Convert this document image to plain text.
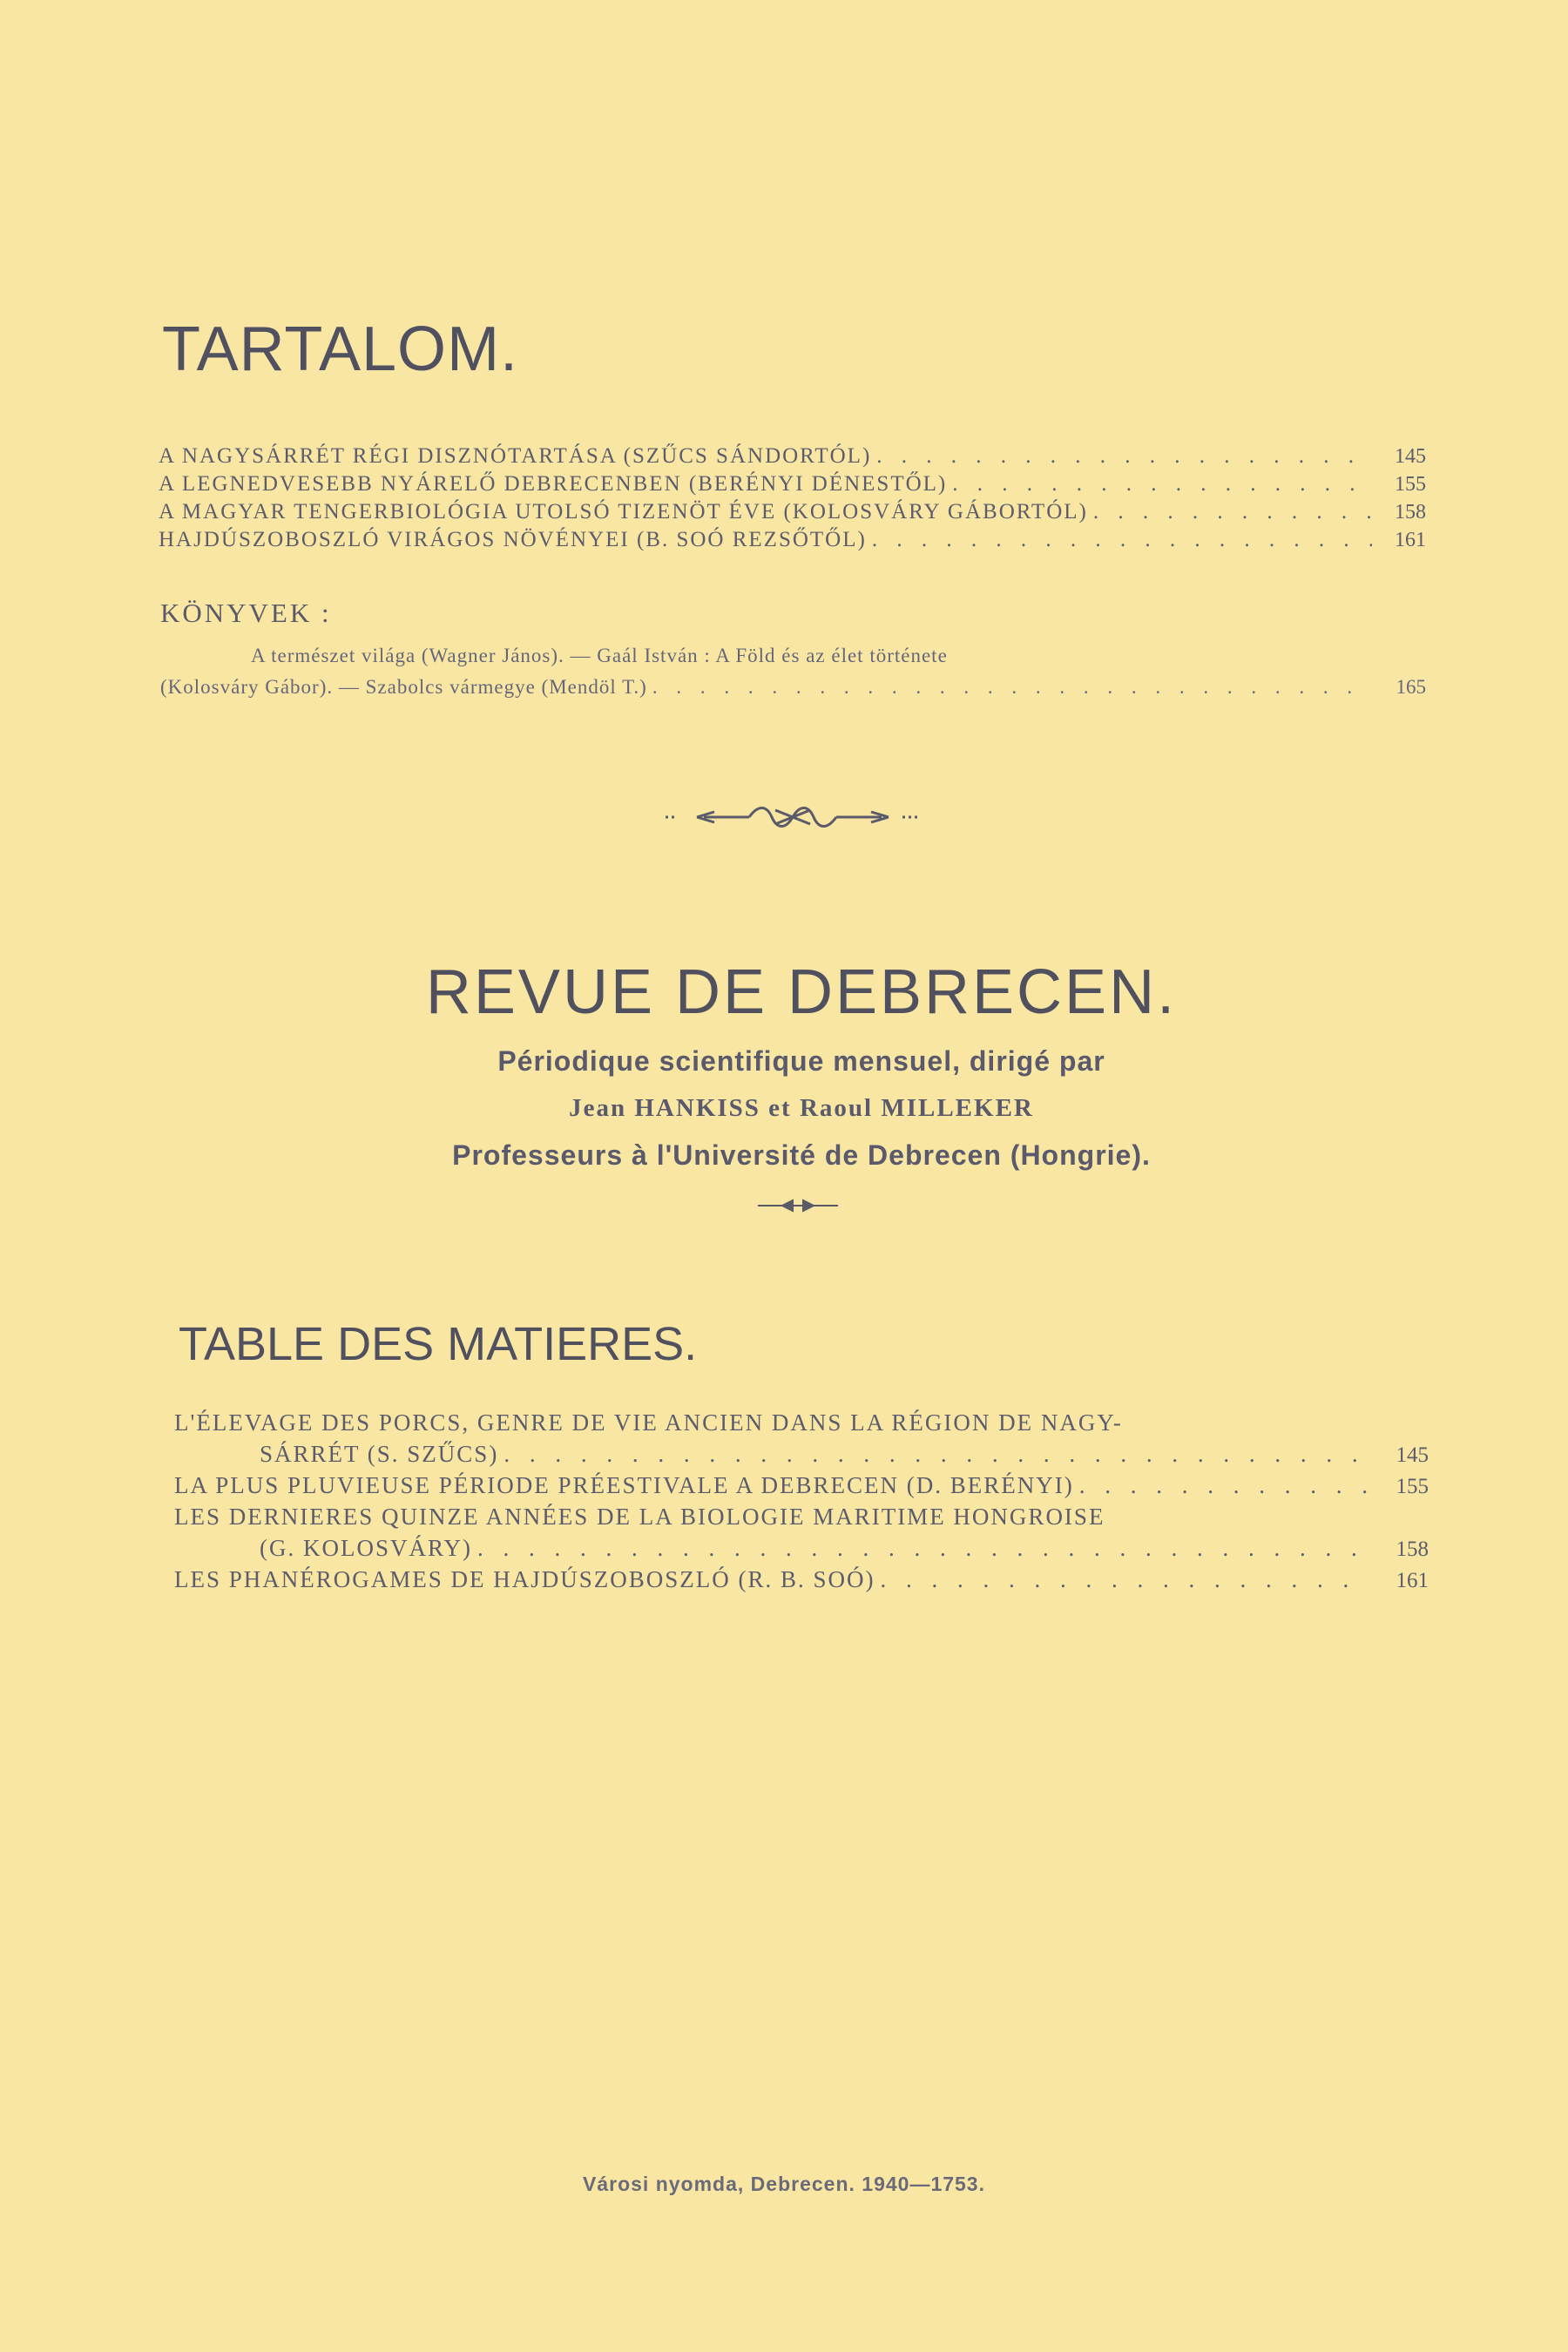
TARTALOM.
A NAGYSÁRRÉT RÉGI DISZNÓTARTÁSA (SZŰCS SÁNDORTÓL) . . .	145
A LEGNEDVESEBB NYÁRELŐ DEBRECENBEN (BERÉNYI DÉNESTŐL) . . .	155
A MAGYAR TENGERBIOLÓGIA UTOLSÓ TIZENÖT ÉVE (KOLOSVÁRY GÁBORTÓL) . . .	158
HAJDÚSZOBOSZLÓ VIRÁGOS NÖVÉNYEI (B. SOÓ REZSŐTŐL) . . .	161
KÖNYVEK :
A természet világa (Wagner János). — Gaál István : A Föld és az élet története
(Kolosváry Gábor). — Szabolcs vármegye (Mendöl T.) . . .	165
REVUE DE DEBRECEN.
Périodique scientifique mensuel, dirigé par
Jean HANKISS et Raoul MILLEKER
Professeurs à l'Université de Debrecen (Hongrie).
TABLE DES MATIERES.
L'ÉLEVAGE DES PORCS, GENRE DE VIE ANCIEN DANS LA RÉGION DE NAGY-
SÁRRÉT (S. SZŰCS) . . .	145
LA PLUS PLUVIEUSE PÉRIODE PRÉESTIVALE A DEBRECEN (D. BERÉNYI) . . .	155
LES DERNIERES QUINZE ANNÉES DE LA BIOLOGIE MARITIME HONGROISE
(G. KOLOSVÁRY) . . .	158
LES PHANÉROGAMES DE HAJDÚSZOBOSZLÓ (R. B. SOÓ) . . .	161
Városi nyomda, Debrecen. 1940—1753.
